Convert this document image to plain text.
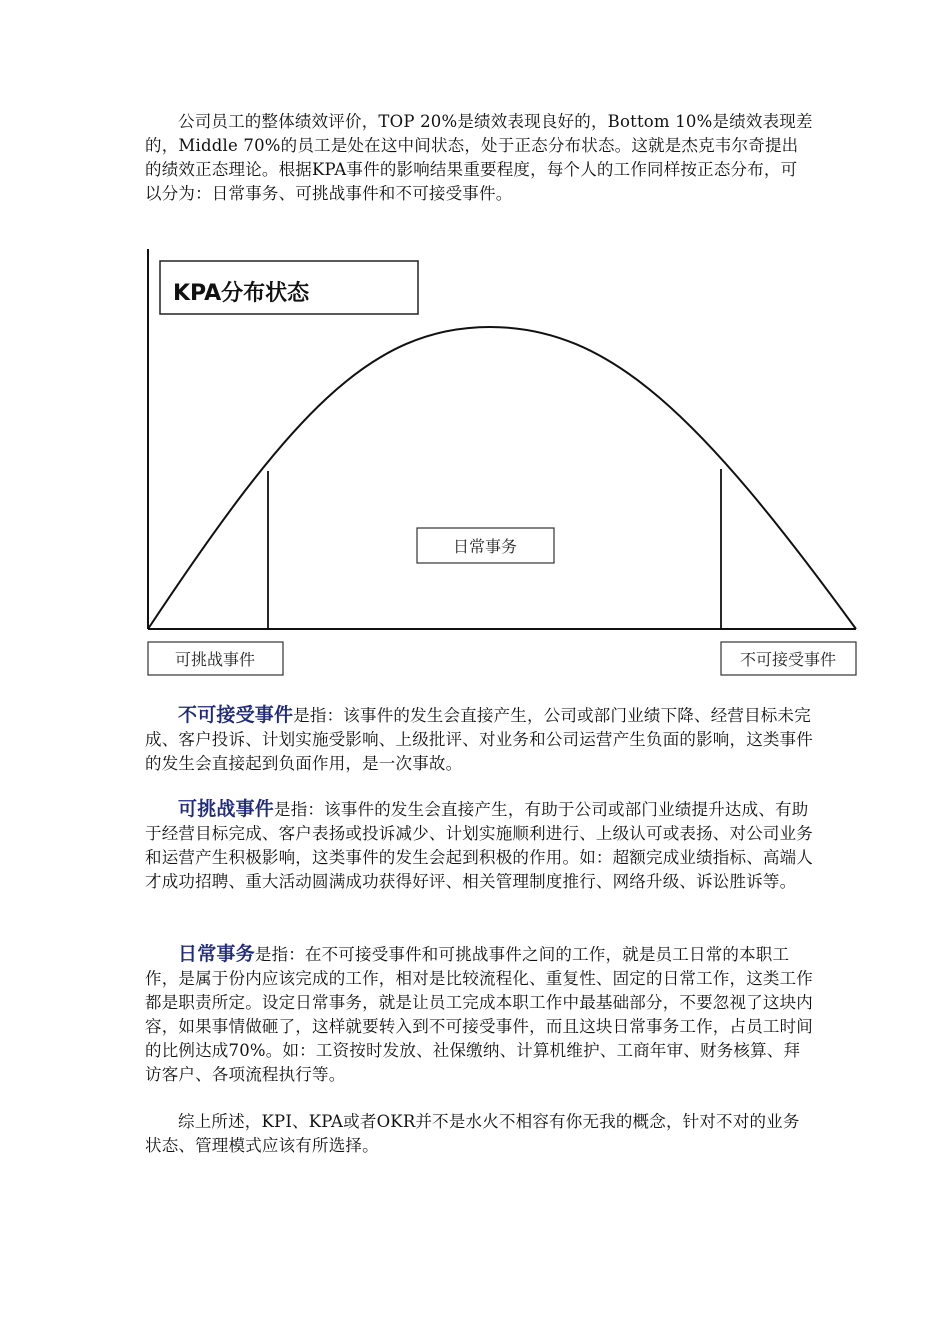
公司员工的整体绩效评价，TOP 20%是绩效表现良好的，Bottom 10%是绩效表现差的，Middle 70%的员工是处在这中间状态，处于正态分布状态。这就是杰克韦尔奇提出的绩效正态理论。根据KPA事件的影响结果重要程度，每个人的工作同样按正态分布，可以分为：日常事务、可挑战事件和不可接受事件。

KPA分布状态
日常事务
可挑战事件	不可接受事件

不可接受事件是指：该事件的发生会直接产生，公司或部门业绩下降、经营目标未完成、客户投诉、计划实施受影响、上级批评、对业务和公司运营产生负面的影响，这类事件的发生会直接起到负面作用，是一次事故。

可挑战事件是指：该事件的发生会直接产生，有助于公司或部门业绩提升达成、有助于经营目标完成、客户表扬或投诉减少、计划实施顺利进行、上级认可或表扬、对公司业务和运营产生积极影响，这类事件的发生会起到积极的作用。如：超额完成业绩指标、高端人才成功招聘、重大活动圆满成功获得好评、相关管理制度推行、网络升级、诉讼胜诉等。

日常事务是指：在不可接受事件和可挑战事件之间的工作，就是员工日常的本职工作，是属于份内应该完成的工作，相对是比较流程化、重复性、固定的日常工作，这类工作都是职责所定。设定日常事务，就是让员工完成本职工作中最基础部分，不要忽视了这块内容，如果事情做砸了，这样就要转入到不可接受事件，而且这块日常事务工作，占员工时间的比例达成70%。如：工资按时发放、社保缴纳、计算机维护、工商年审、财务核算、拜访客户、各项流程执行等。

综上所述，KPI、KPA或者OKR并不是水火不相容有你无我的概念，针对不对的业务状态、管理模式应该有所选择。
